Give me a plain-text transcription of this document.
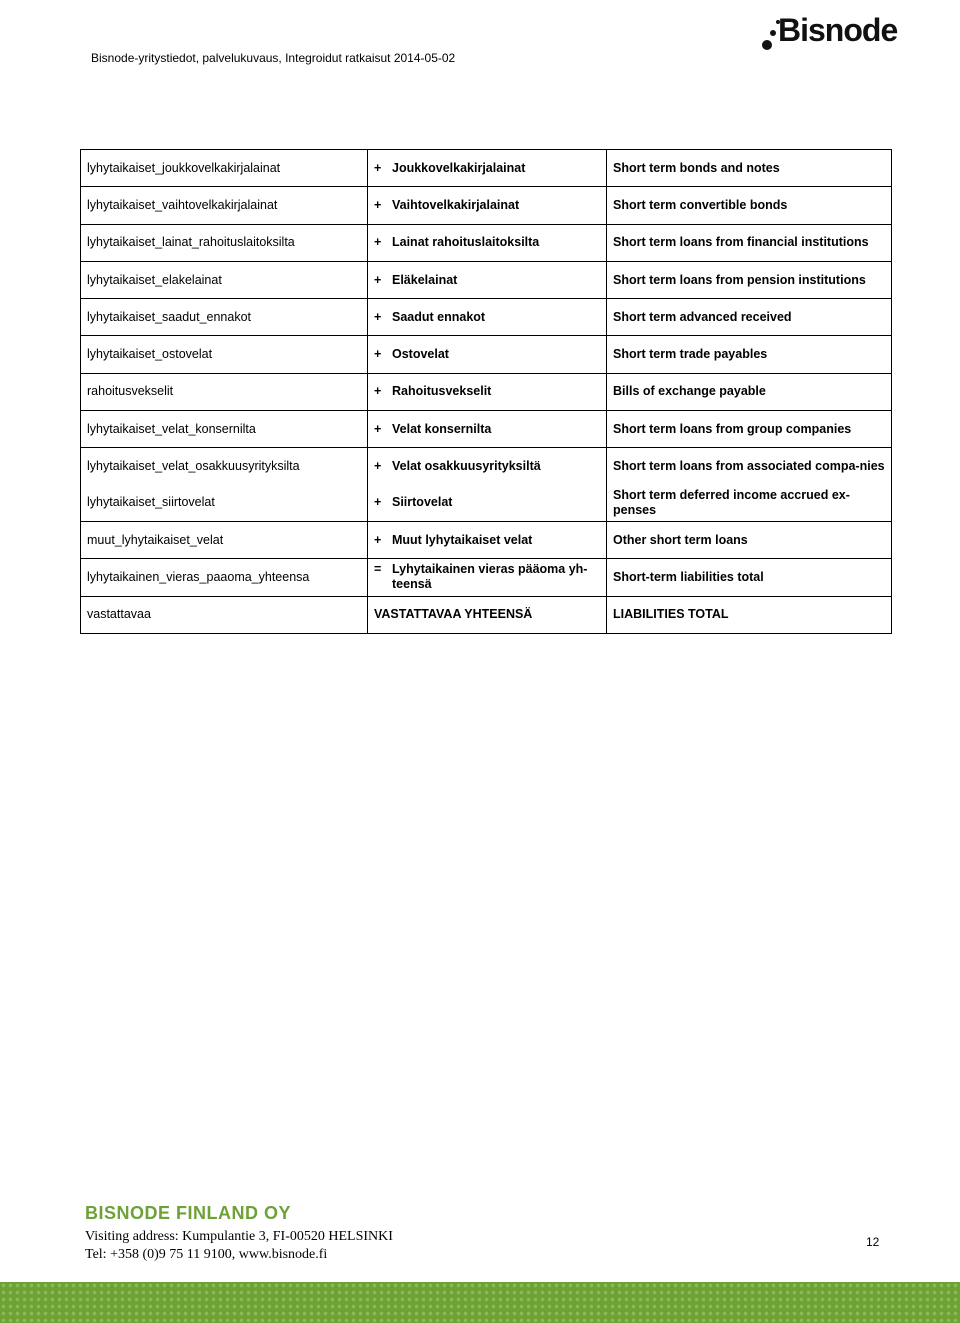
Bisnode-yritystiedot, palvelukuvaus, Integroidut ratkaisut 2014-05-02
Bisnode
lyhytaikaiset_joukkovelkakirjalainat	+ Joukkovelkakirjalainat	Short term bonds and notes
lyhytaikaiset_vaihtovelkakirjalainat	+ Vaihtovelkakirjalainat	Short term convertible bonds
lyhytaikaiset_lainat_rahoituslaitoksilta	+ Lainat rahoituslaitoksilta	Short term loans from financial institutions
lyhytaikaiset_elakelainat	+ Eläkelainat	Short term loans from pension institutions
lyhytaikaiset_saadut_ennakot	+ Saadut ennakot	Short term advanced received
lyhytaikaiset_ostovelat	+ Ostovelat	Short term trade payables
rahoitusvekselit	+ Rahoitusvekselit	Bills of exchange payable
lyhytaikaiset_velat_konsernilta	+ Velat konsernilta	Short term loans from group companies
lyhytaikaiset_velat_osakkuusyrityksilta	+ Velat osakkuusyrityksiltä	Short term loans from associated compa-nies
lyhytaikaiset_siirtovelat	+ Siirtovelat	Short term deferred income accrued ex-penses
muut_lyhytaikaiset_velat	+ Muut lyhytaikaiset velat	Other short term loans
lyhytaikainen_vieras_paaoma_yhteensa	= Lyhytaikainen vieras pääoma yh-teensä	Short-term liabilities total
vastattavaa	VASTATTAVAA YHTEENSÄ	LIABILITIES TOTAL
BISNODE FINLAND OY
Visiting address: Kumpulantie 3, FI-00520 HELSINKI
Tel: +358 (0)9 75 11 9100, www.bisnode.fi
12
